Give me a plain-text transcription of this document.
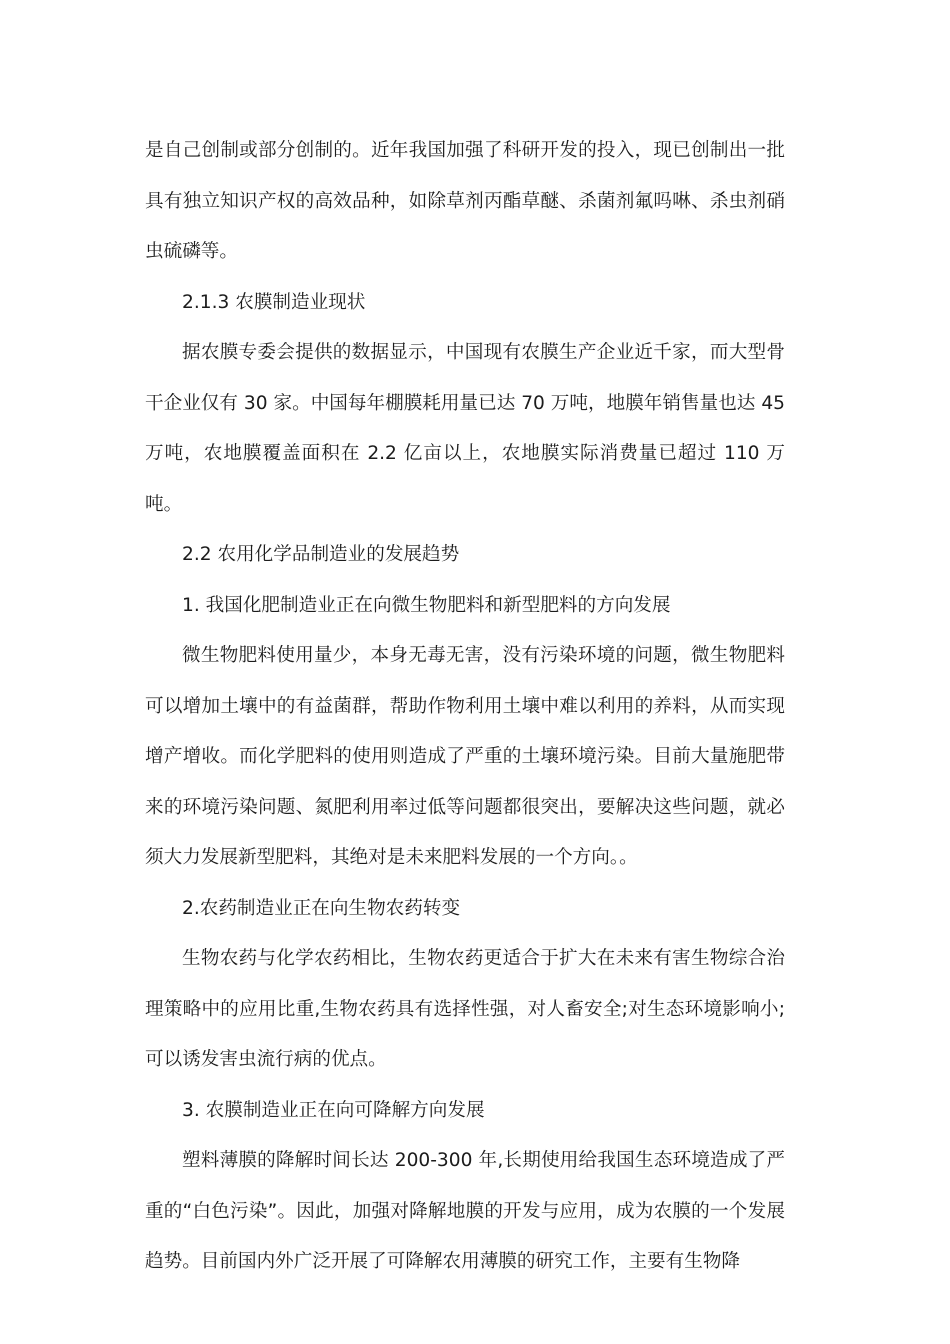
是自己创制或部分创制的。近年我国加强了科研开发的投入，现已创制出一批具有独立知识产权的高效品种，如除草剂丙酯草醚、杀菌剂氟吗啉、杀虫剂硝虫硫磷等。

2.1.3 农膜制造业现状

据农膜专委会提供的数据显示，中国现有农膜生产企业近千家，而大型骨干企业仅有 30 家。中国每年棚膜耗用量已达 70 万吨，地膜年销售量也达 45 万吨，农地膜覆盖面积在 2.2 亿亩以上，农地膜实际消费量已超过 110 万吨。

2.2 农用化学品制造业的发展趋势

1. 我国化肥制造业正在向微生物肥料和新型肥料的方向发展

微生物肥料使用量少，本身无毒无害，没有污染环境的问题，微生物肥料可以增加土壤中的有益菌群，帮助作物利用土壤中难以利用的养料，从而实现增产增收。而化学肥料的使用则造成了严重的土壤环境污染。目前大量施肥带来的环境污染问题、氮肥利用率过低等问题都很突出，要解决这些问题，就必须大力发展新型肥料，其绝对是未来肥料发展的一个方向。。

2.农药制造业正在向生物农药转变

生物农药与化学农药相比，生物农药更适合于扩大在未来有害生物综合治理策略中的应用比重,生物农药具有选择性强，对人畜安全;对生态环境影响小;可以诱发害虫流行病的优点。

3. 农膜制造业正在向可降解方向发展

塑料薄膜的降解时间长达 200-300 年,长期使用给我国生态环境造成了严重的“白色污染”。因此，加强对降解地膜的开发与应用，成为农膜的一个发展趋势。目前国内外广泛开展了可降解农用薄膜的研究工作，主要有生物降
